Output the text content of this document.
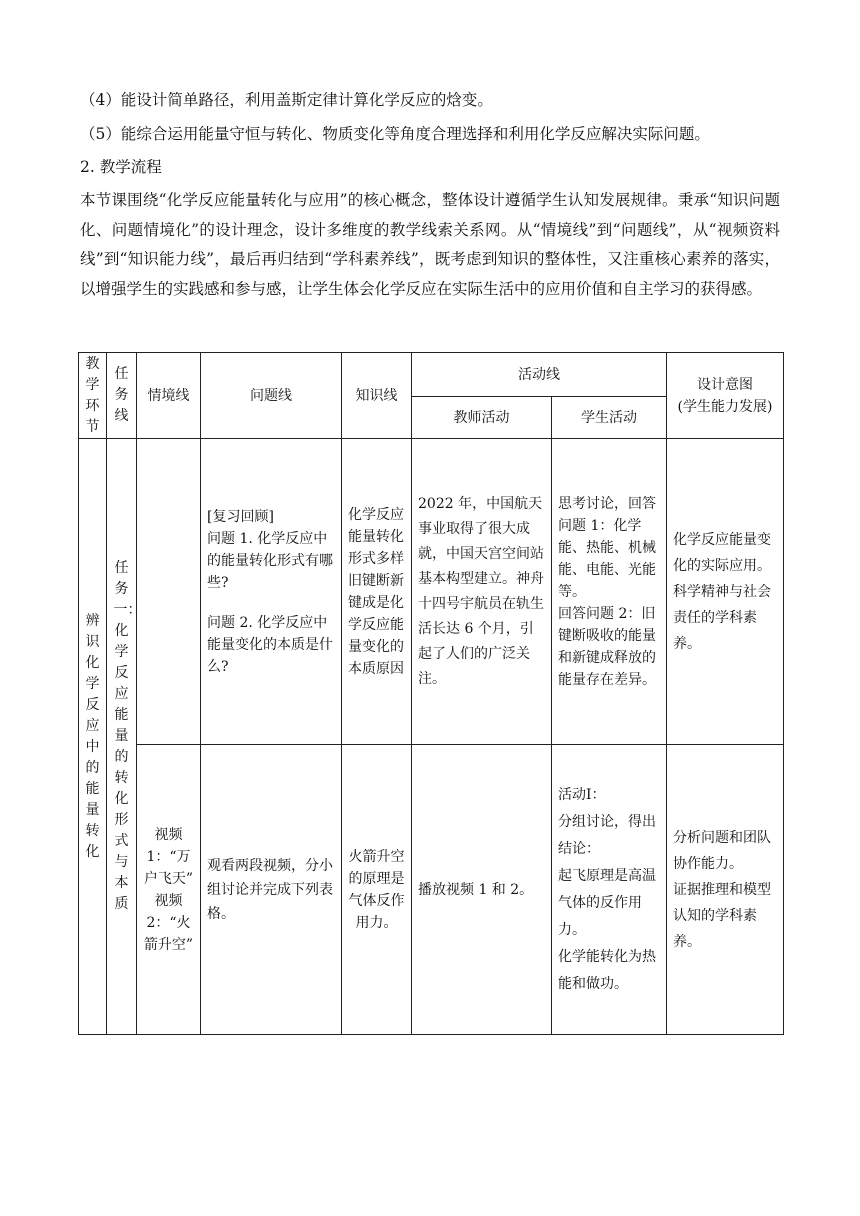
（4）能设计简单路径，利用盖斯定律计算化学反应的焓变。
（5）能综合运用能量守恒与转化、物质变化等角度合理选择和利用化学反应解决实际问题。
2. 教学流程
本节课围绕“化学反应能量转化与应用”的核心概念，整体设计遵循学生认知发展规律。秉承“知识问题化、问题情境化”的设计理念，设计多维度的教学线索关系网。从“情境线”到“问题线”，从“视频资料线”到“知识能力线”，最后再归结到“学科素养线”，既考虑到知识的整体性，又注重核心素养的落实，以增强学生的实践感和参与感，让学生体会化学反应在实际生活中的应用价值和自主学习的获得感。
教学环节	任务线	情境线	问题线	知识线	活动线		设计意图
(学生能力发展)

					教师活动	学生活动	
辨识化学反应中的能量转化	任务一：化学反应能量的转化形式与本质		[复习回顾]
问题 1. 化学反应中的能量转化形式有哪些?
问题 2. 化学反应中能量变化的本质是什么?	化学反应能量转化形式多样
旧键断新键成是化学反应能量变化的本质原因	2022 年，中国航天事业取得了很大成就，中国天宫空间站基本构型建立。神舟十四号宇航员在轨生活长达 6 个月，引起了人们的广泛关注。	思考讨论，回答问题 1：化学能、热能、机械能、电能、光能等。
回答问题 2：旧键断吸收的能量和新键成释放的能量存在差异。	化学反应能量变化的实际应用。
科学精神与社会责任的学科素养。

		视频 1：“万户飞天”
视频 2：“火箭升空”	观看两段视频，分小组讨论并完成下列表格。	火箭升空的原理是气体反作用力。	播放视频 1 和 2。	活动Ⅰ：
分组讨论，得出结论：
起飞原理是高温气体的反作用力。
化学能转化为热能和做功。	分析问题和团队协作能力。
证据推理和模型认知的学科素养。
